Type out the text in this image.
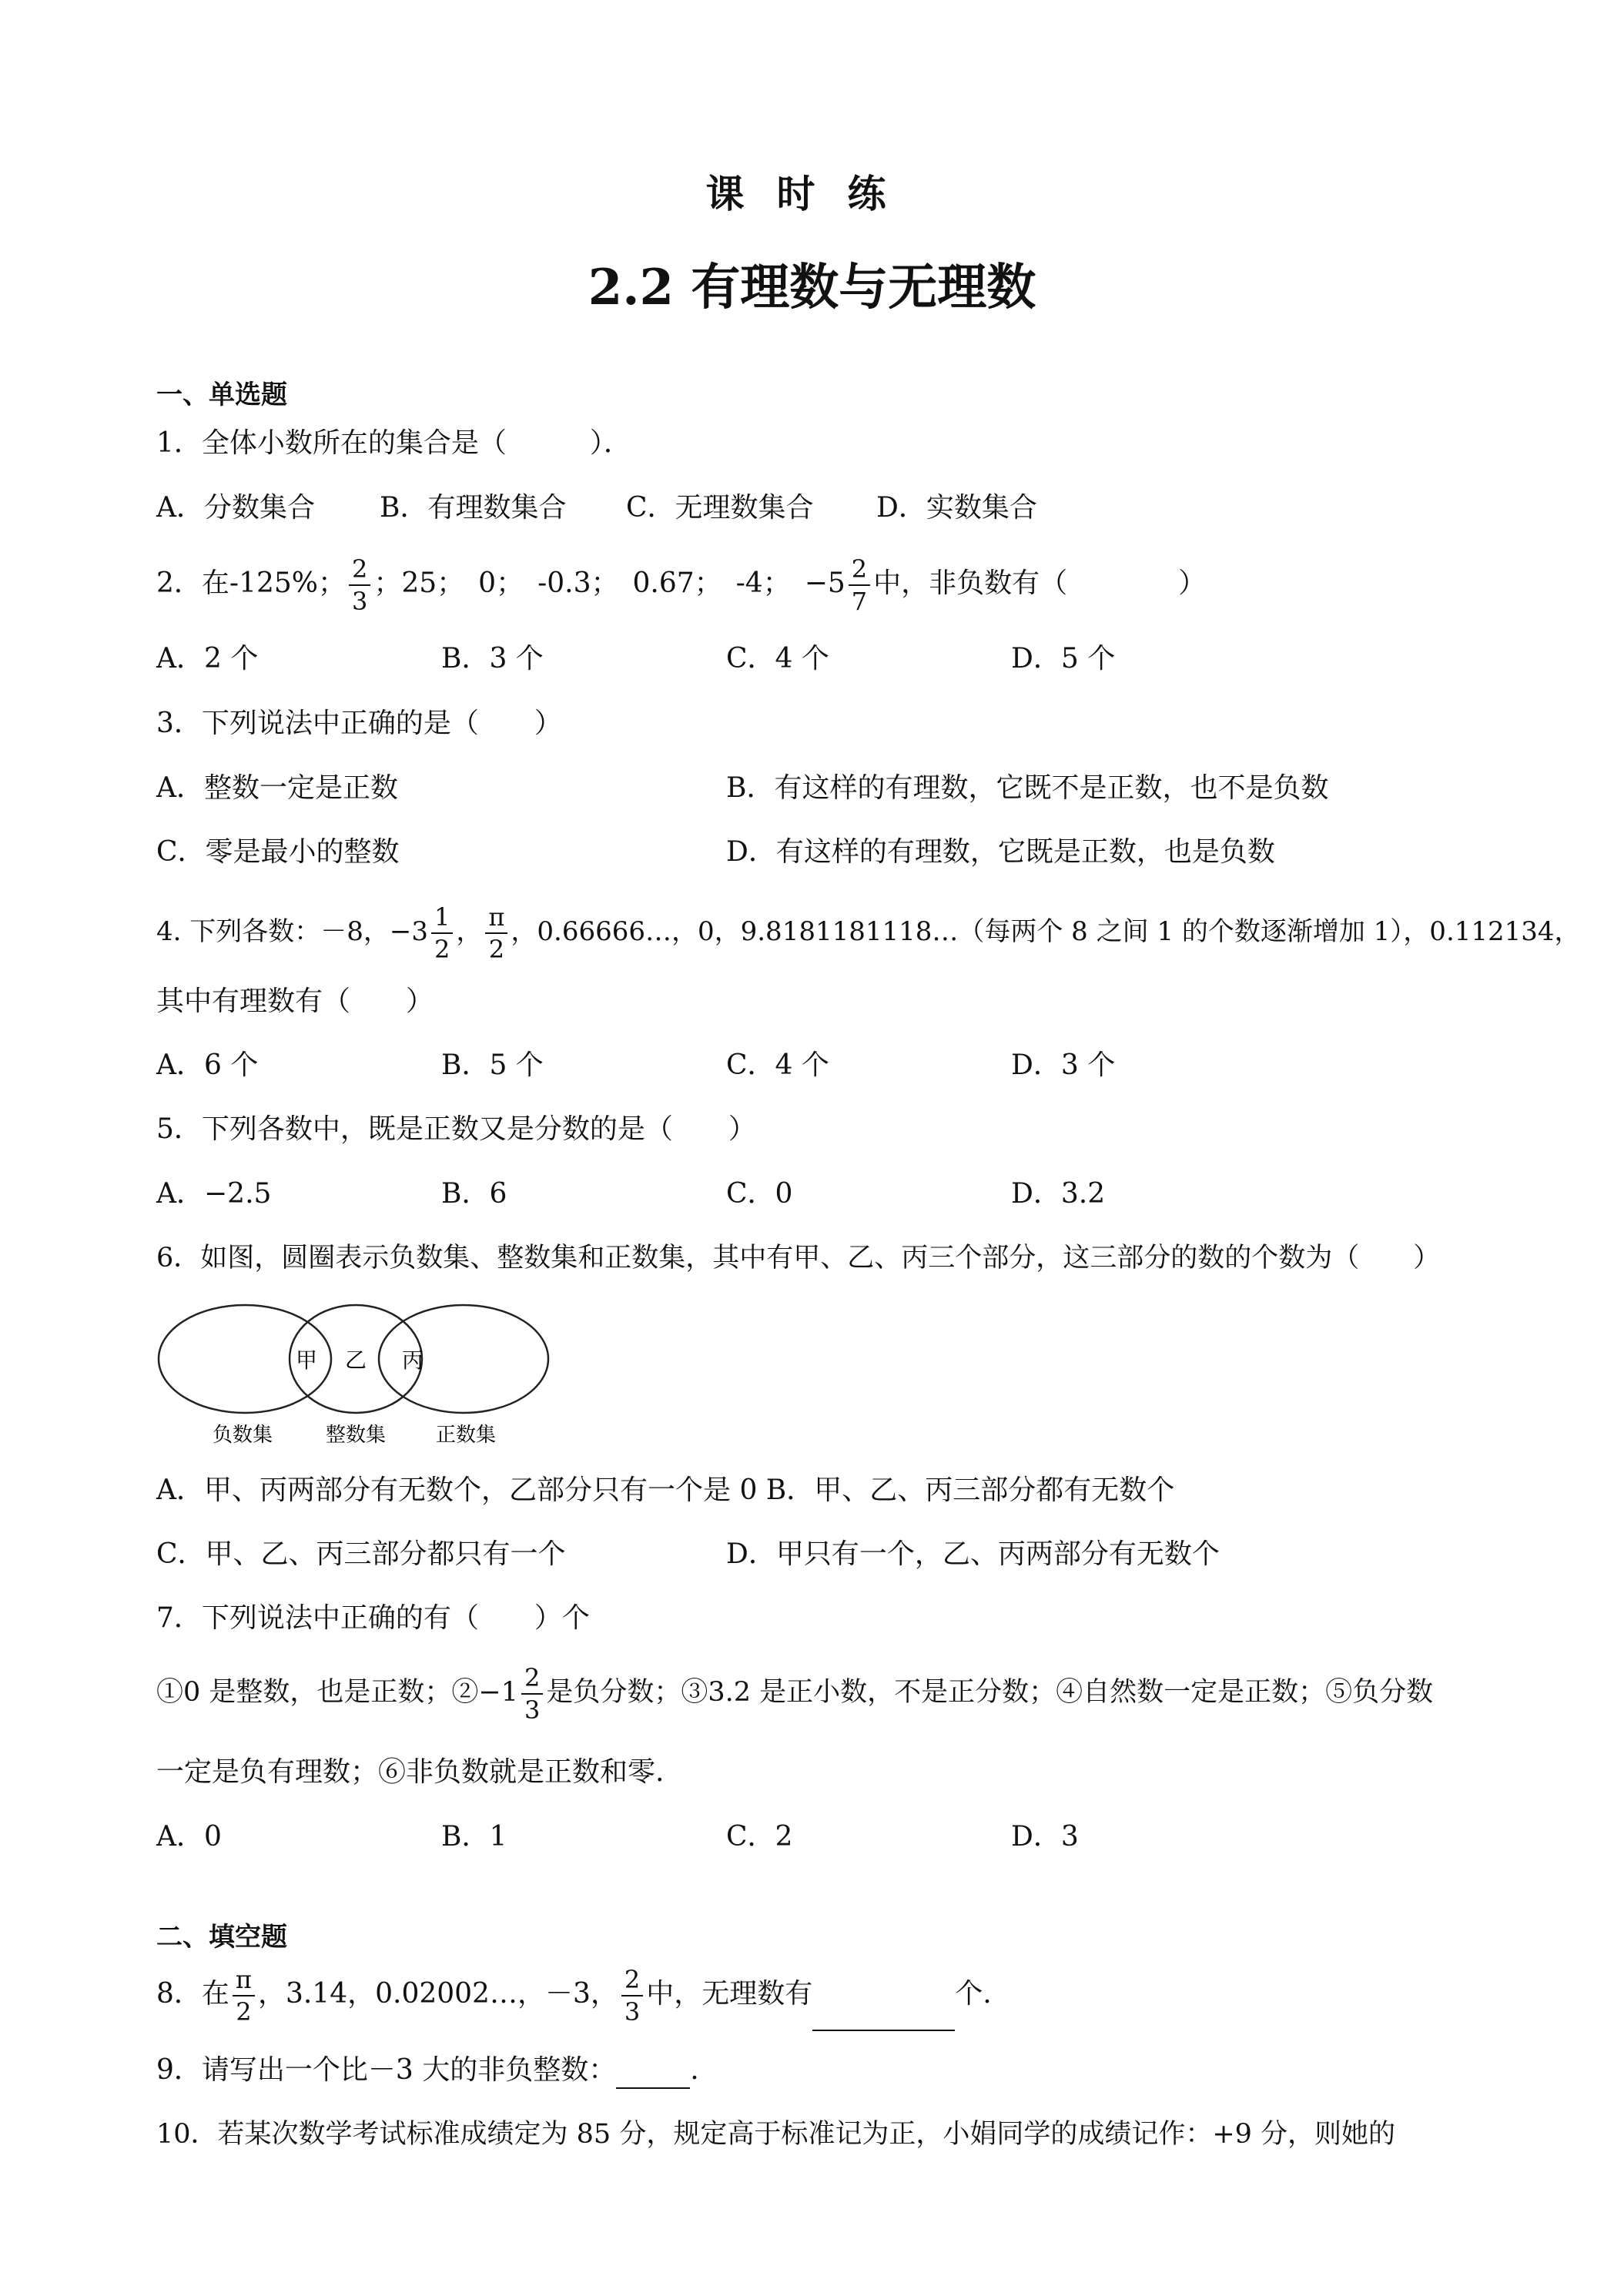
课时练
2.2 有理数与无理数
一、单选题
1．全体小数所在的集合是（　　　）．
A．分数集合 B．有理数集合 C．无理数集合 D．实数集合
2．在-125%； $\frac{2}{3}$ ；25；　0；　-0.3；　0.67；　-4；　$-5 \frac{2}{7}$ 中，非负数有（　　　　）
A．2 个	B．3 个	C．4 个	D．5 个
3．下列说法中正确的是（　　）
A．整数一定是正数	B．有这样的有理数，它既不是正数，也不是负数
C．零是最小的整数	D．有这样的有理数，它既是正数，也是负数
4. 下列各数：－8，$-3 \frac{1}{2}$ ， $\frac{\pi}{2}$ ，0.66666…，0，9.8181181118…（每两个 8 之间 1 的个数逐渐增加 1），0.112134，
其中有理数有（　　）
A．6 个	B．5 个	C．4 个	D．3 个
5．下列各数中，既是正数又是分数的是（　　）
A．−2.5	B．6	C．0	D．3.2
6．如图，圆圈表示负数集、整数集和正数集，其中有甲、乙、丙三个部分，这三部分的数的个数为（　　）
甲 乙 丙
负数集	整数集 正数集
A．甲、丙两部分有无数个，乙部分只有一个是 0 B．甲、乙、丙三部分都有无数个
C．甲、乙、丙三部分都只有一个	D．甲只有一个，乙、丙两部分有无数个
7．下列说法中正确的有（　　）个
①0 是整数，也是正数；②−1 $\frac{2}{3}$ 是负分数；③3.2 是正小数，不是正分数；④自然数一定是正数；⑤负分数
一定是负有理数；⑥非负数就是正数和零.
A．0	B．1	C．2	D．3
二、填空题
8．在 $\frac{\pi}{2}$ ，3.14，0.02002…，－3， $\frac{2}{3}$ 中，无理数有	个.
9．请写出一个比－3 大的非负整数：	.
10．若某次数学考试标准成绩定为 85 分，规定高于标准记为正，小娟同学的成绩记作：+9 分，则她的
